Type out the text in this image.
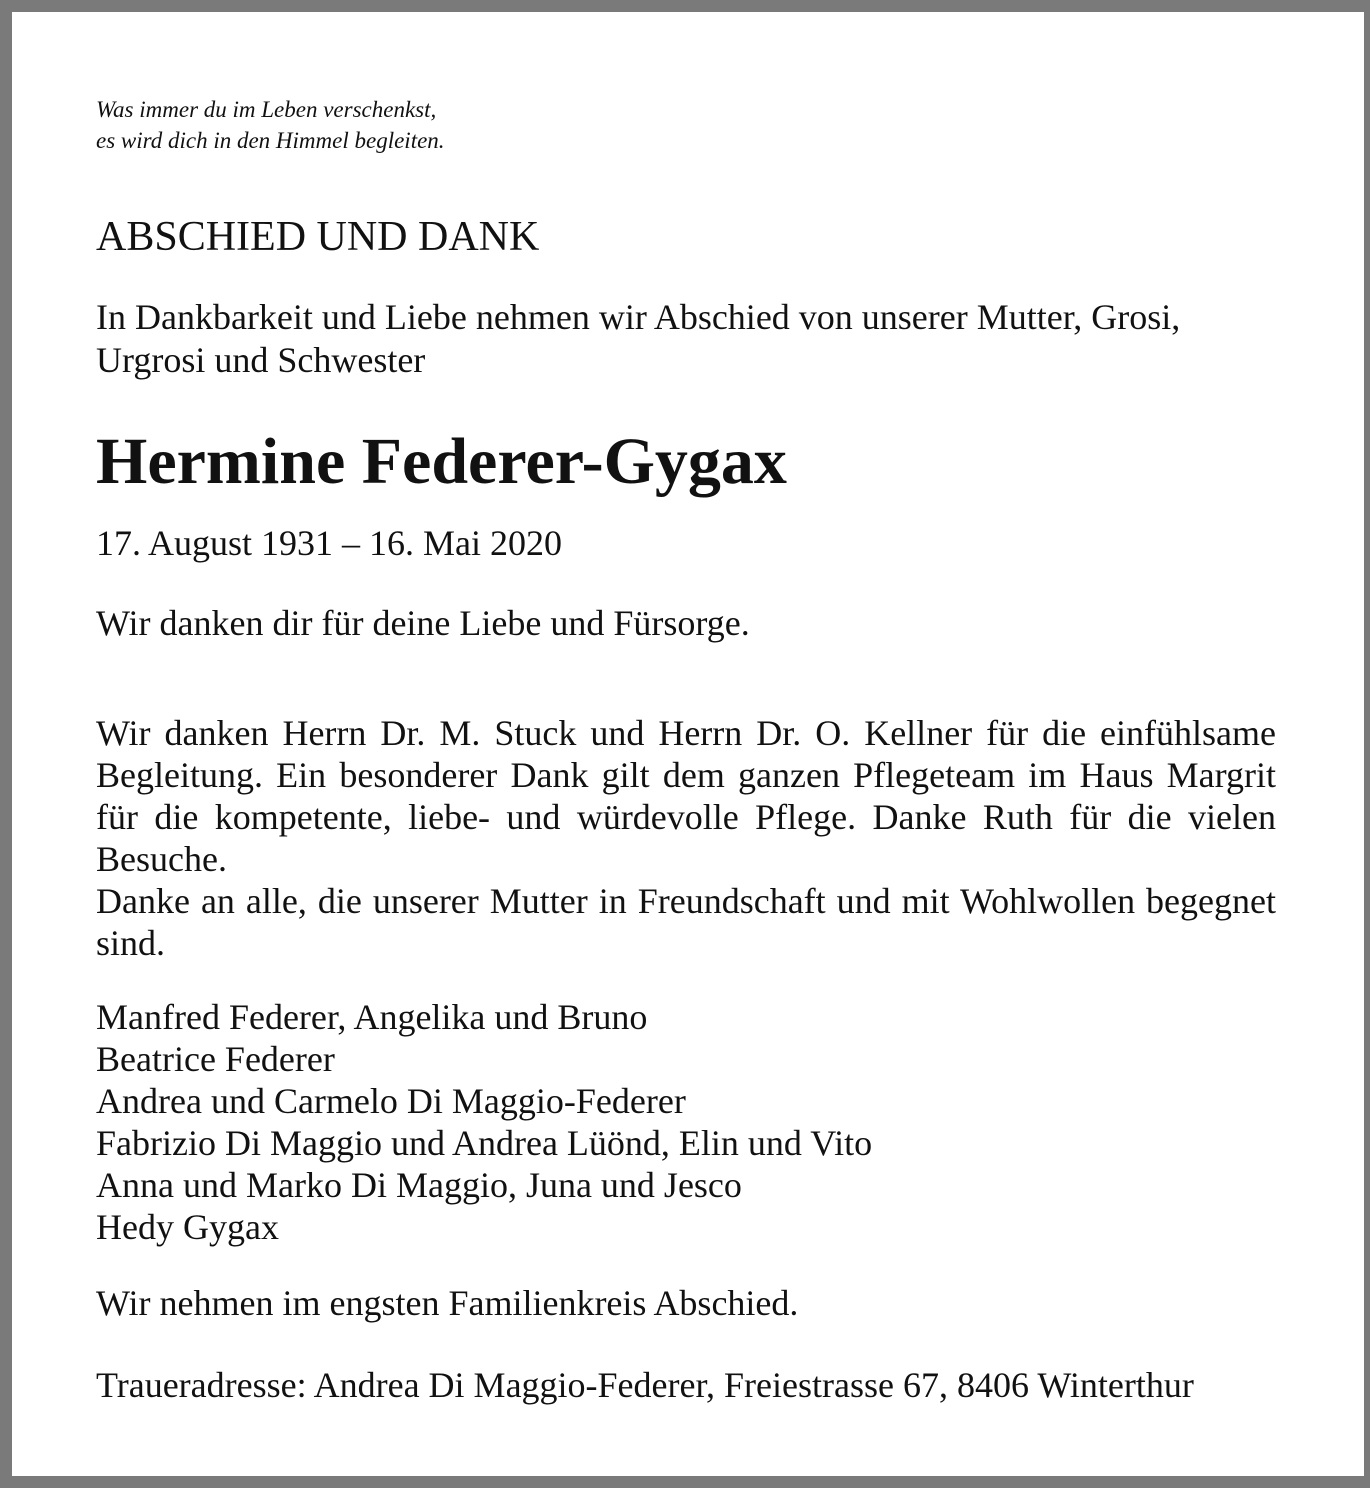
Was immer du im Leben verschenkst,
es wird dich in den Himmel begleiten.
ABSCHIED UND DANK
In Dankbarkeit und Liebe nehmen wir Abschied von unserer Mutter, Grosi, Urgrosi und Schwester
Hermine Federer-Gygax
17. August 1931 – 16. Mai 2020
Wir danken dir für deine Liebe und Fürsorge.

Wir danken Herrn Dr. M. Stuck und Herrn Dr. O. Kellner für die einfühlsame Begleitung. Ein besonderer Dank gilt dem ganzen Pflegeteam im Haus Margrit für die kompetente, liebe- und würdevolle Pflege. Danke Ruth für die vielen Besuche.

Danke an alle, die unserer Mutter in Freundschaft und mit Wohlwollen begegnet sind.

Manfred Federer, Angelika und Bruno
Beatrice Federer
Andrea und Carmelo Di Maggio-Federer
Fabrizio Di Maggio und Andrea Lüönd, Elin und Vito
Anna und Marko Di Maggio, Juna und Jesco
Hedy Gygax
Wir nehmen im engsten Familienkreis Abschied.
Traueradresse: Andrea Di Maggio-Federer, Freiestrasse 67, 8406 Winterthur
